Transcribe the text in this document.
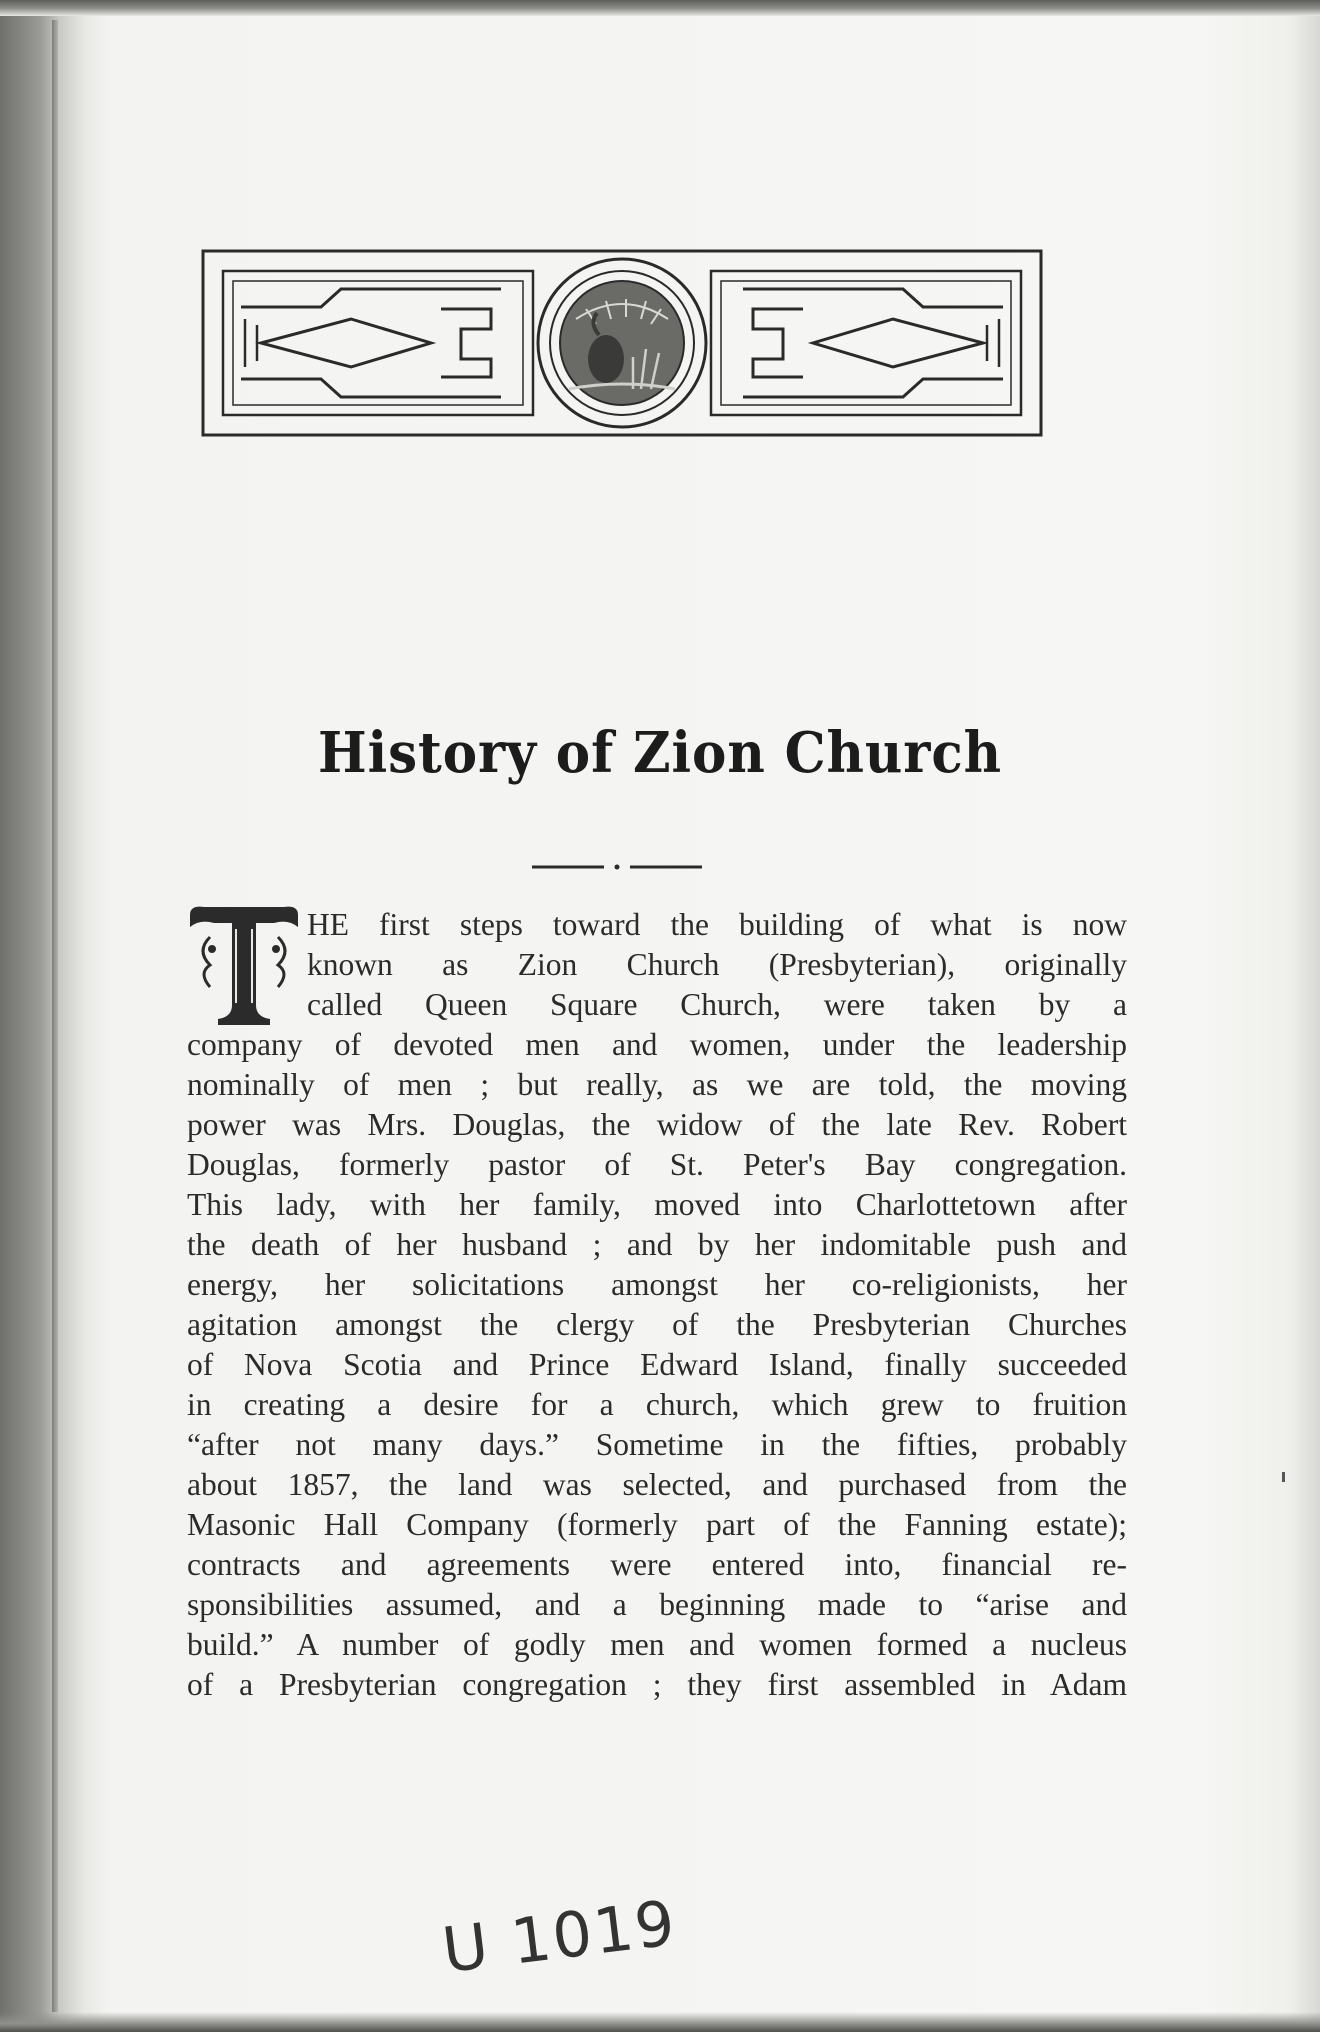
History of Zion Church
HE first steps toward the building of what is now
known as Zion Church (Presbyterian), originally
called Queen Square Church, were taken by a
company of devoted men and women, under the leadership
nominally of men ; but really, as we are told, the moving
power was Mrs. Douglas, the widow of the late Rev. Robert
Douglas, formerly pastor of St. Peter's Bay congregation.
This lady, with her family, moved into Charlottetown after
the death of her husband ; and by her indomitable push and
energy, her solicitations amongst her co-religionists, her
agitation amongst the clergy of the Presbyterian Churches
of Nova Scotia and Prince Edward Island, finally succeeded
in creating a desire for a church, which grew to fruition
“after not many days.” Sometime in the fifties, probably
about 1857, the land was selected, and purchased from the
Masonic Hall Company (formerly part of the Fanning estate);
contracts and agreements were entered into, financial re-
sponsibilities assumed, and a beginning made to “arise and
build.” A number of godly men and women formed a nucleus
of a Presbyterian congregation ; they first assembled in Adam
U 1019
